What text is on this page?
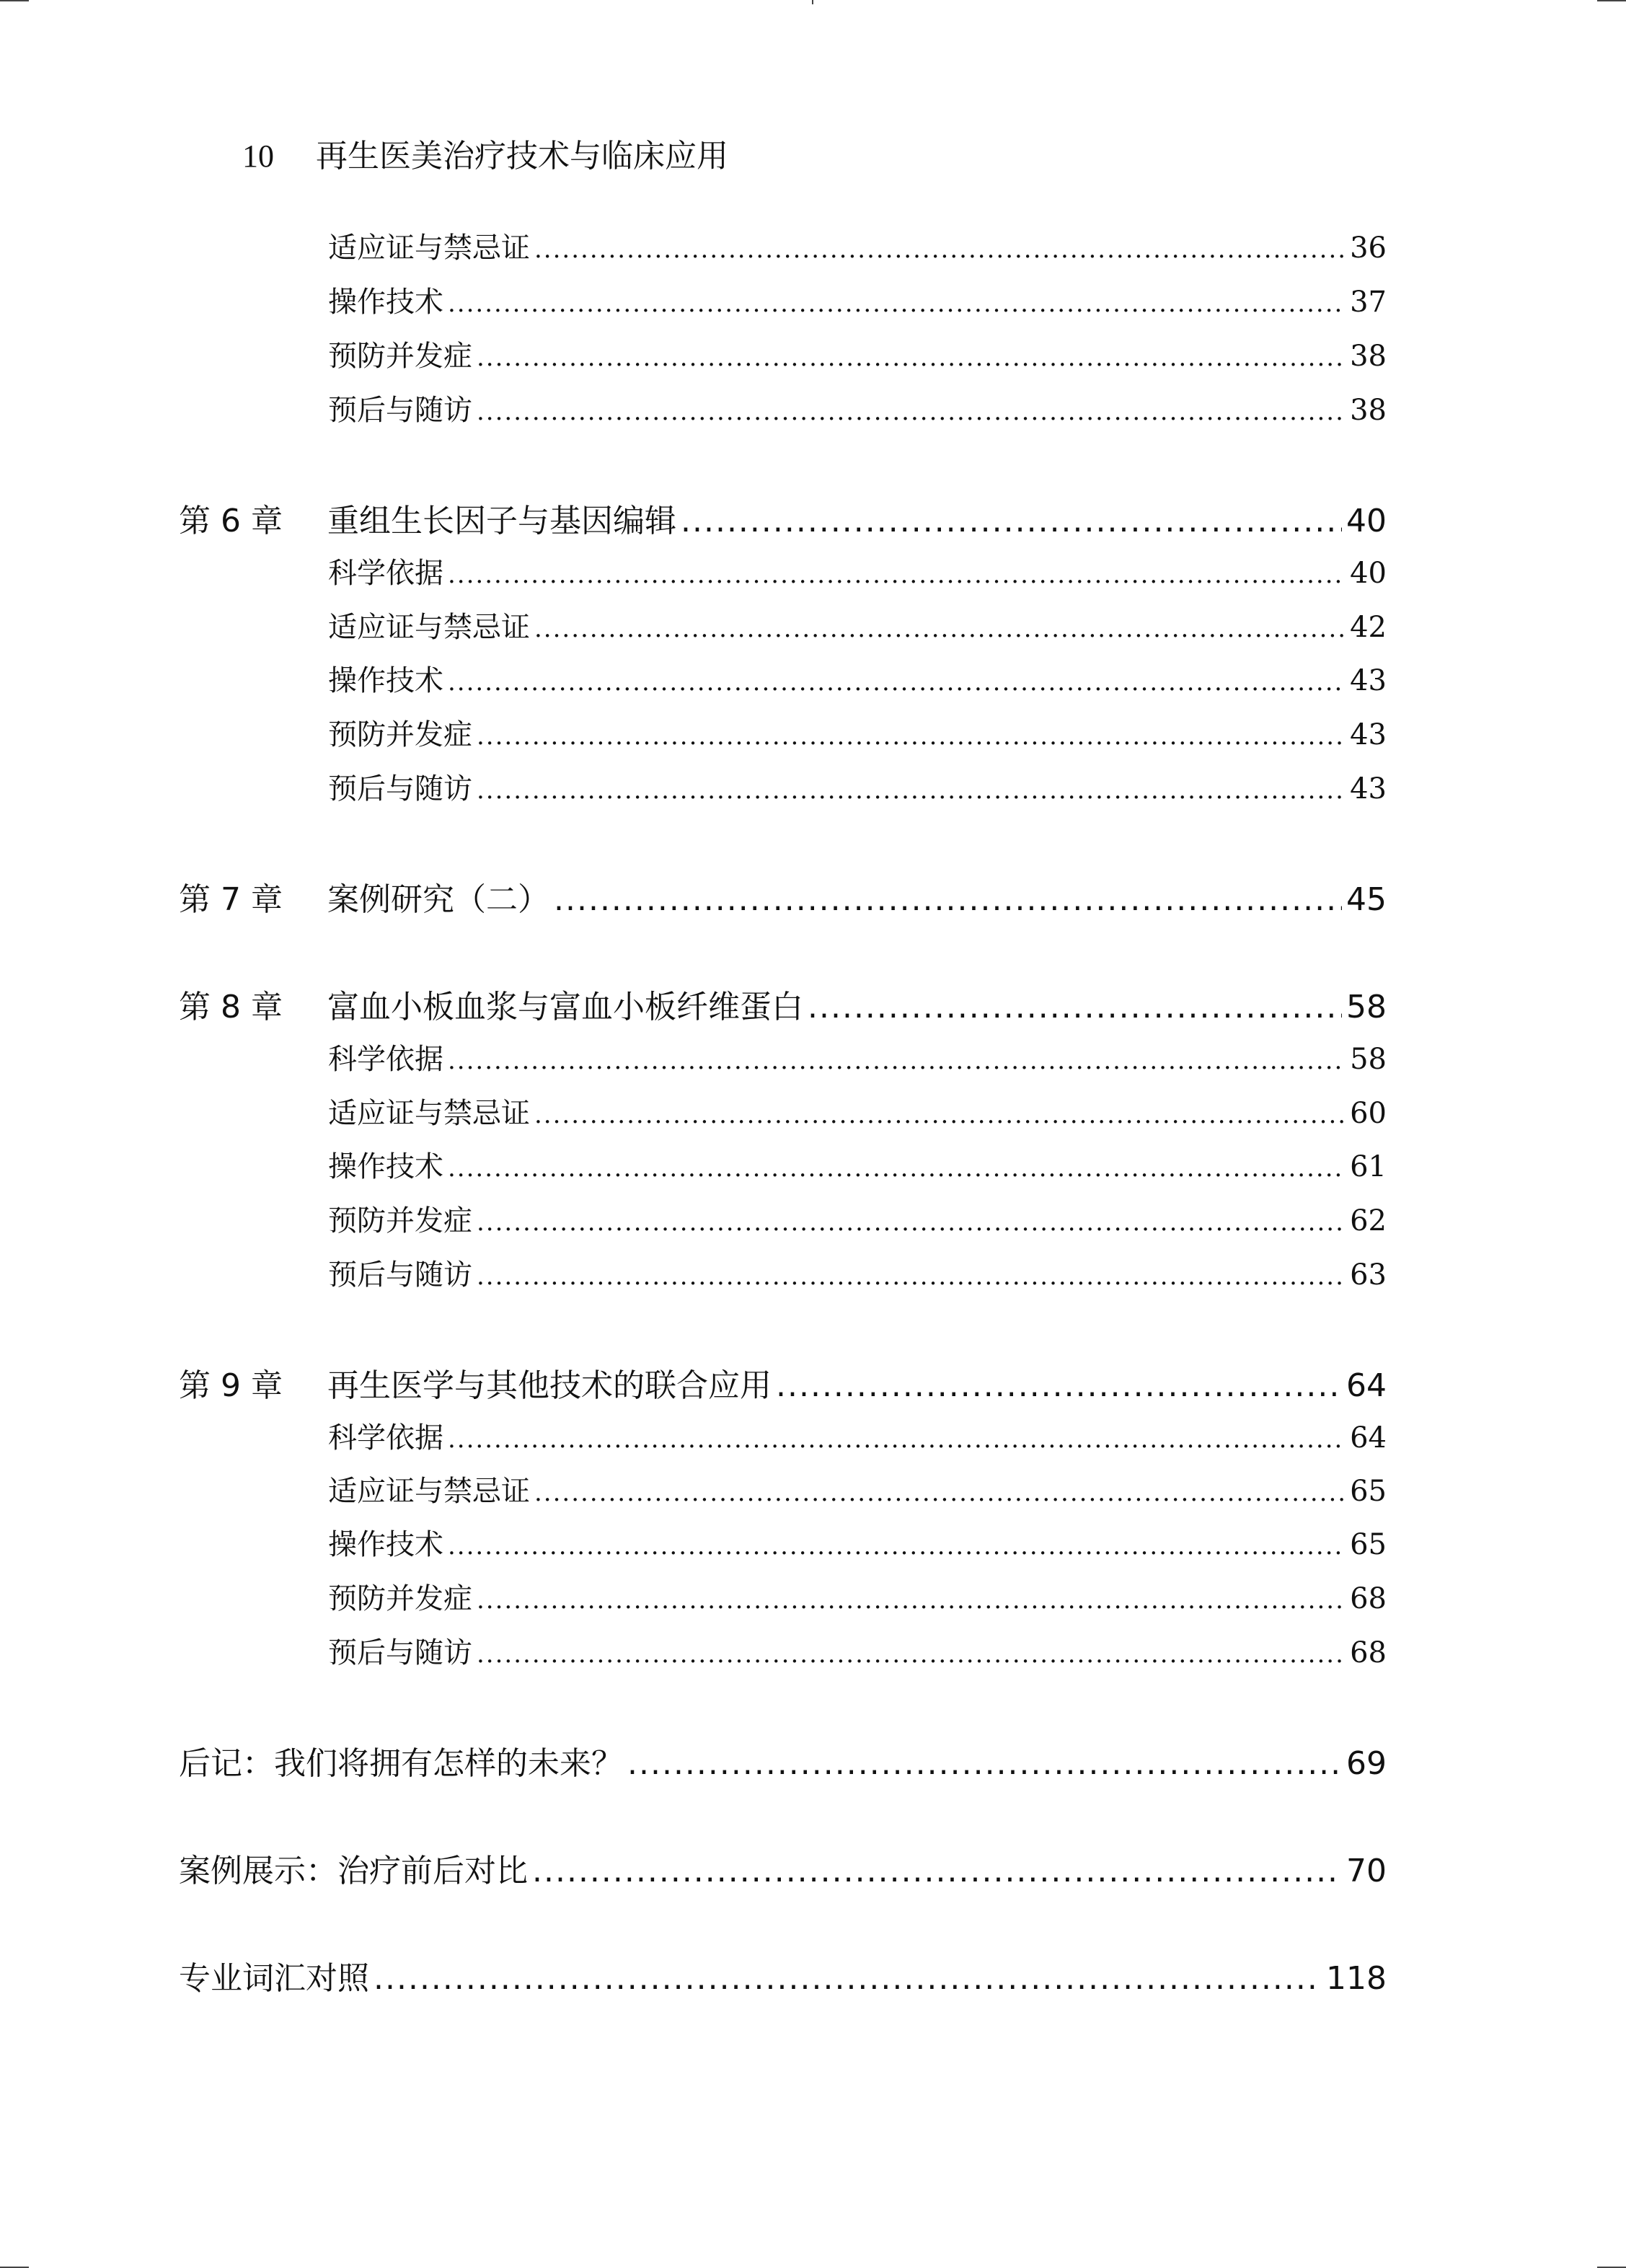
10 再生医美治疗技术与临床应用
适应证与禁忌证 .....	36
操作技术 .....	37
预防并发症 .....	38
预后与随访 .....	38
第 6 章	重组生长因子与基因编辑 .....	40
科学依据 .....	40
适应证与禁忌证 .....	42
操作技术 .....	43
预防并发症 .....	43
预后与随访 .....	43
第 7 章	案例研究（二） .....	45
第 8 章	富血小板血浆与富血小板纤维蛋白 .....	58
科学依据 .....	58
适应证与禁忌证 .....	60
操作技术 .....	61
预防并发症 .....	62
预后与随访 .....	63
第 9 章	再生医学与其他技术的联合应用 .....	64
科学依据 .....	64
适应证与禁忌证 .....	65
操作技术 .....	65
预防并发症 .....	68
预后与随访 .....	68
后记：我们将拥有怎样的未来？ .....	69
案例展示：治疗前后对比 .....	70
专业词汇对照 .....	118
